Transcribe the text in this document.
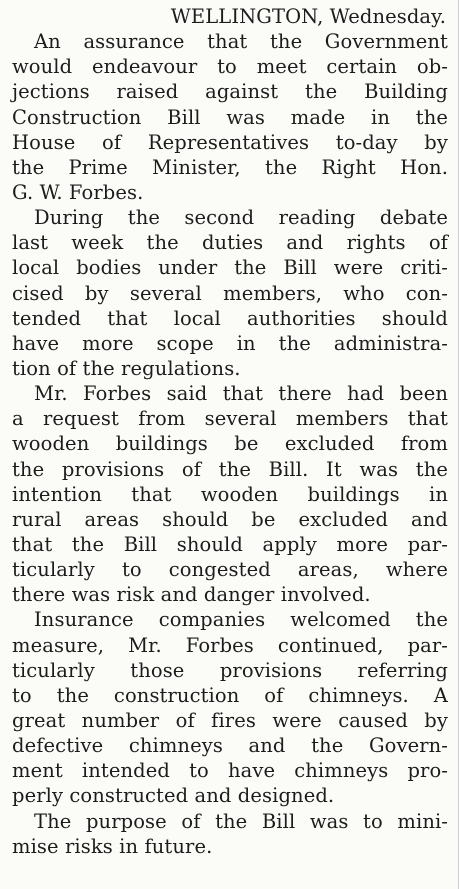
WELLINGTON, Wednesday.
An assurance that the Government
would endeavour to meet certain ob-
jections raised against the Building
Construction Bill was made in the
House of Representatives to-day by
the Prime Minister, the Right Hon.
G. W. Forbes.
During the second reading debate
last week the duties and rights of
local bodies under the Bill were criti-
cised by several members, who con-
tended that local authorities should
have more scope in the administra-
tion of the regulations.
Mr. Forbes said that there had been
a request from several members that
wooden buildings be excluded from
the provisions of the Bill. It was the
intention that wooden buildings in
rural areas should be excluded and
that the Bill should apply more par-
ticularly to congested areas, where
there was risk and danger involved.
Insurance companies welcomed the
measure, Mr. Forbes continued, par-
ticularly those provisions referring
to the construction of chimneys. A
great number of fires were caused by
defective chimneys and the Govern-
ment intended to have chimneys pro-
perly constructed and designed.
The purpose of the Bill was to mini-
mise risks in future.
